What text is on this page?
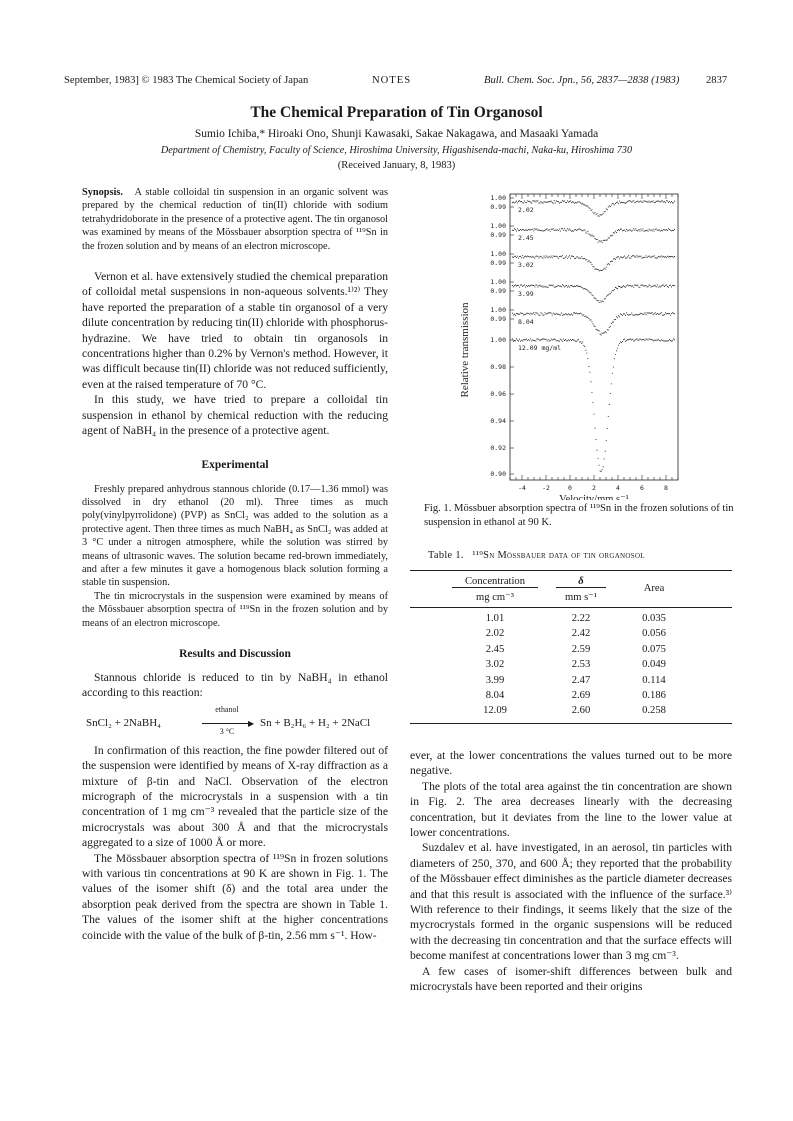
September, 1983] © 1983 The Chemical Society of Japan	NOTES	Bull. Chem. Soc. Jpn., 56, 2837—2838 (1983)	2837
The Chemical Preparation of Tin Organosol
Sumio Ichiba,* Hiroaki Ono, Shunji Kawasaki, Sakae Nakagawa, and Masaaki Yamada
Department of Chemistry, Faculty of Science, Hiroshima University, Higashisenda-machi, Naka-ku, Hiroshima 730
(Received January, 8, 1983)

Synopsis. A stable colloidal tin suspension in an organic solvent was prepared by the chemical reduction of tin(II) chloride with sodium tetrahydridoborate in the presence of a protective agent. The tin organosol was examined by means of the Mössbauer absorption spectra of ¹¹⁹Sn in the frozen solution and by means of an electron microscope.

Vernon et al. have extensively studied the chemical preparation of colloidal metal suspensions in non-aqueous solvents.¹⁾²⁾ They have reported the preparation of a stable tin organosol of a very dilute concentration by reducing tin(II) chloride with phosphorus-hydrazine. We have tried to obtain tin organosols in concentrations higher than 0.2% by Vernon's method. However, it was difficult because tin(II) chloride was not reduced sufficiently, even at the raised temperature of 70 °C.

In this study, we have tried to prepare a colloidal tin suspension in ethanol by chemical reduction with the reducing agent of NaBH₄ in the presence of a protective agent.

Experimental

Freshly prepared anhydrous stannous chloride (0.17—1.36 mmol) was dissolved in dry ethanol (20 ml). Three times as much poly(vinylpyrrolidone) (PVP) as SnCl₂ was added to the solution as a protective agent. Then three times as much NaBH₄ as SnCl₂ was added at 3 °C under a nitrogen atmosphere, while the solution was stirred by means of ultrasonic waves. The solution became red-brown immediately, and after a few minutes it gave a homogenous black solution forming a stable tin suspension.

The tin microcrystals in the suspension were examined by means of the Mössbauer absorption spectra of ¹¹⁹Sn in the frozen solution and by means of an electron microscope.

Results and Discussion

Stannous chloride is reduced to tin by NaBH₄ in ethanol according to this reaction:

SnCl₂ + 2NaBH₄
ethanol
▶
3 °C
Sn + B₂H₆ + H₂ + 2NaCl

In confirmation of this reaction, the fine powder filtered out of the suspension were identified by means of X-ray diffraction as a mixture of β-tin and NaCl. Observation of the electron micrograph of the microcrystals in a suspension with a tin concentration of 1 mg cm⁻³ revealed that the particle size of the microcrystals was about 300 Å and that the microcrystals aggregated to a size of 1000 Å or more.

The Mössbauer absorption spectra of ¹¹⁹Sn in frozen solutions with various tin concentrations at 90 K are shown in Fig. 1. The values of the isomer shift (δ) and the total area under the absorption peak derived from the spectra are shown in Table 1. The values of the isomer shift at the higher concentrations coincide with the value of the bulk of β-tin, 2.56 mm s⁻¹. How-

-4 -2	0	2	4	6	8
Velocity/mm s⁻¹
Relative transmission
1.00
0.99
1.00
0.99
1.00
0.99
1.00
0.99
1.00
0.99
1.00
0.98
0.96
0.94
0.92
0.90
2.02
2.45
3.02
3.99
8.04
12.09 mg/ml
Fig. 1. Mössbuer absorption spectra of ¹¹⁹Sn in the frozen solutions of tin suspension in ethanol at 90 K.
Table 1. ¹¹⁹Sn Mössbauer data of tin organosol
Concentration
mg cm⁻³
δ
mm s⁻¹
Area
1.01	2.22	0.035
2.02	2.42	0.056
2.45	2.59	0.075
3.02	2.53	0.049
3.99	2.47	0.114
8.04	2.69	0.186
12.09	2.60	0.258

ever, at the lower concentrations the values turned out to be more negative.

The plots of the total area against the tin concentration are shown in Fig. 2. The area decreases linearly with the decreasing concentration, but it deviates from the line to the lower value at lower concentrations.

Suzdalev et al. have investigated, in an aerosol, tin particles with diameters of 250, 370, and 600 Å; they reported that the probability of the Mössbauer effect diminishes as the particle diameter decreases and that this result is associated with the influence of the surface.³⁾ With reference to their findings, it seems likely that the size of the mycrocrystals formed in the organic suspensions will be reduced with the decreasing tin concentration and that the surface effects will become manifest at concentrations lower than 3 mg cm⁻³.

A few cases of isomer-shift differences between bulk and microcrystals have been reported and their origins
